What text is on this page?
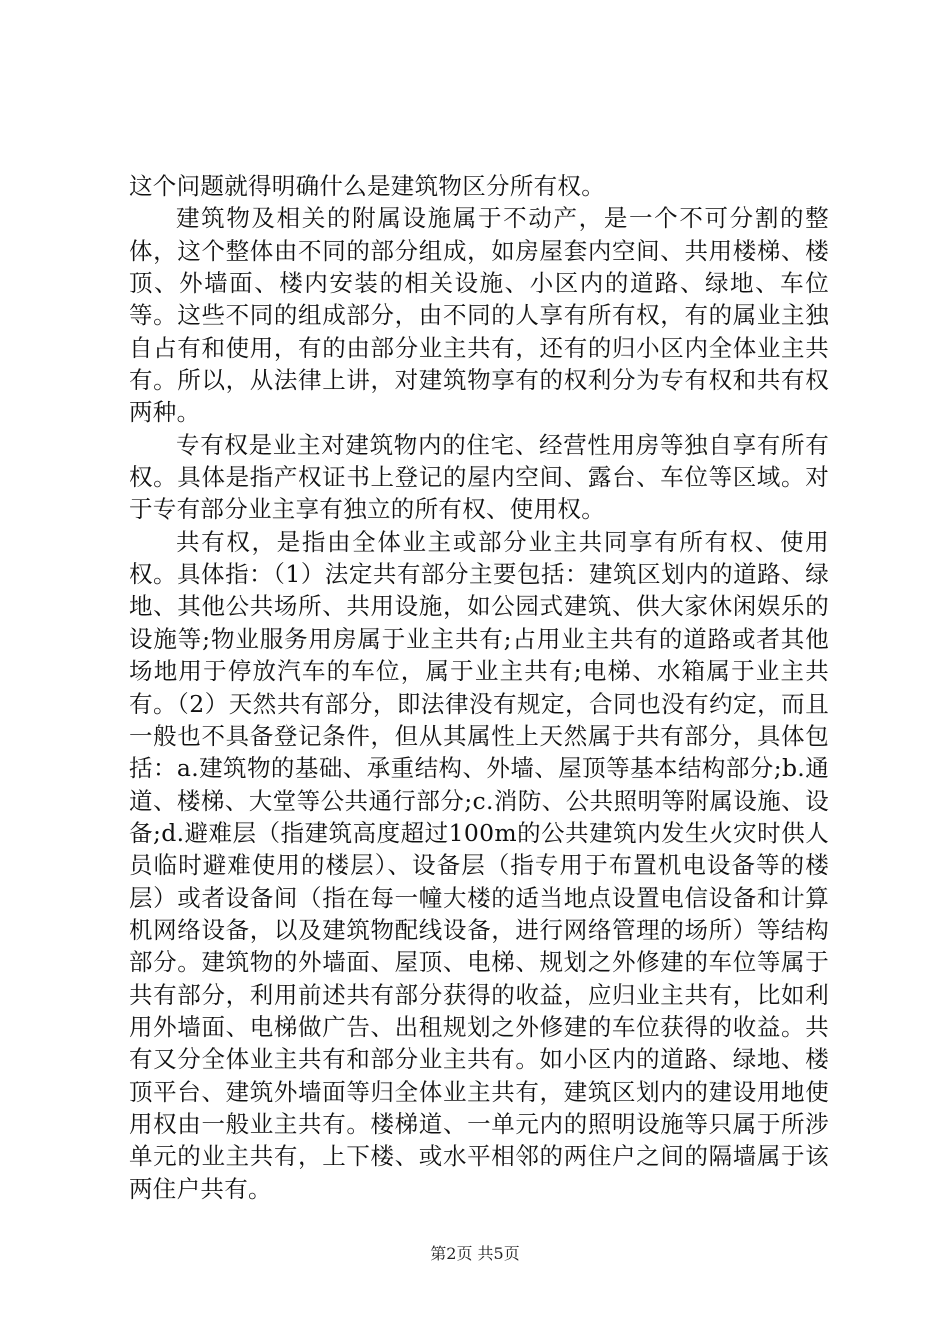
这个问题就得明确什么是建筑物区分所有权。

建筑物及相关的附属设施属于不动产，是一个不可分割的整体，这个整体由不同的部分组成，如房屋套内空间、共用楼梯、楼顶、外墙面、楼内安装的相关设施、小区内的道路、绿地、车位等。这些不同的组成部分，由不同的人享有所有权，有的属业主独自占有和使用，有的由部分业主共有，还有的归小区内全体业主共有。所以，从法律上讲，对建筑物享有的权利分为专有权和共有权两种。

专有权是业主对建筑物内的住宅、经营性用房等独自享有所有权。具体是指产权证书上登记的屋内空间、露台、车位等区域。对于专有部分业主享有独立的所有权、使用权。

共有权，是指由全体业主或部分业主共同享有所有权、使用权。具体指：（1）法定共有部分主要包括：建筑区划内的道路、绿地、其他公共场所、共用设施，如公园式建筑、供大家休闲娱乐的设施等;物业服务用房属于业主共有;占用业主共有的道路或者其他场地用于停放汽车的车位，属于业主共有;电梯、水箱属于业主共有。（2）天然共有部分，即法律没有规定，合同也没有约定，而且一般也不具备登记条件，但从其属性上天然属于共有部分，具体包括：a.建筑物的基础、承重结构、外墙、屋顶等基本结构部分;b.通道、楼梯、大堂等公共通行部分;c.消防、公共照明等附属设施、设备;d.避难层（指建筑高度超过100m的公共建筑内发生火灾时供人员临时避难使用的楼层）、设备层（指专用于布置机电设备等的楼层）或者设备间（指在每一幢大楼的适当地点设置电信设备和计算机网络设备，以及建筑物配线设备，进行网络管理的场所）等结构部分。建筑物的外墙面、屋顶、电梯、规划之外修建的车位等属于共有部分，利用前述共有部分获得的收益，应归业主共有，比如利用外墙面、电梯做广告、出租规划之外修建的车位获得的收益。共有又分全体业主共有和部分业主共有。如小区内的道路、绿地、楼顶平台、建筑外墙面等归全体业主共有，建筑区划内的建设用地使用权由一般业主共有。楼梯道、一单元内的照明设施等只属于所涉单元的业主共有，上下楼、或水平相邻的两住户之间的隔墙属于该两住户共有。

第2页 共5页
